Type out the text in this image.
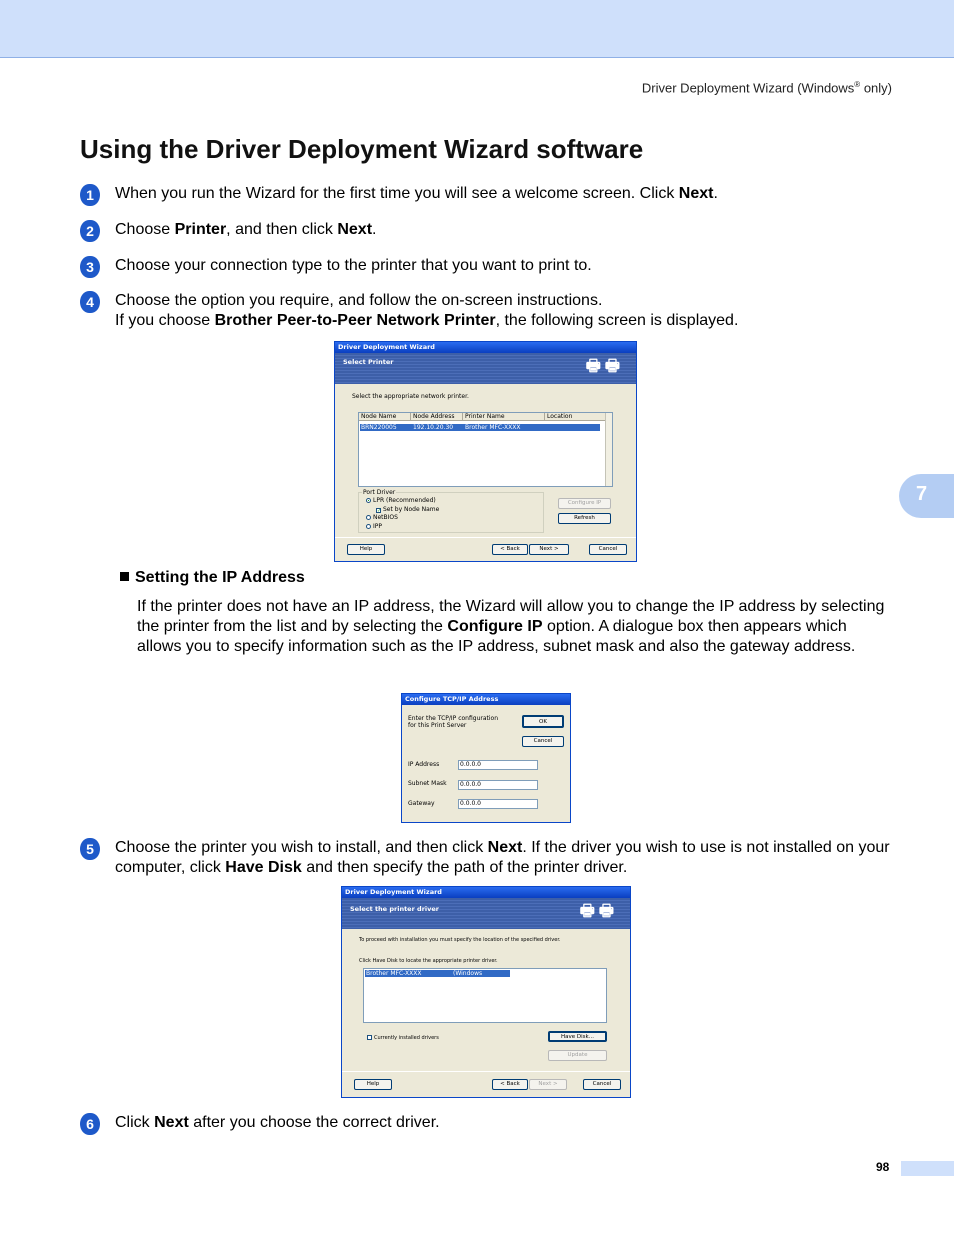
Driver Deployment Wizard (Windows® only)
7
Using the Driver Deployment Wizard software
1	When you run the Wizard for the first time you will see a welcome screen. Click Next.
2	Choose Printer, and then click Next.
3	Choose your connection type to the printer that you want to print to.
4	Choose the option you require, and follow the on-screen instructions.
If you choose Brother Peer-to-Peer Network Printer, the following screen is displayed.
Driver Deployment Wizard
Select Printer	🖶🖶
Select the appropriate network printer.
Node Name	Node Address	Printer Name	Location
BRN220005	192.10.20.30 Brother MFC-XXXX
Port Driver
LPR (Recommended)
✓ Set by Node Name
NetBIOS
IPP
Configure IP
Refresh
Help	< Back	Next >	Cancel
Setting the IP Address
If the printer does not have an IP address, the Wizard will allow you to change the IP address by selecting the printer from the list and by selecting the Configure IP option. A dialogue box then appears which allows you to specify information such as the IP address, subnet mask and also the gateway address.
Configure TCP/IP Address
Enter the TCP/IP configuration for this Print Server	OK
Cancel
IP Address	0.0.0.0
Subnet Mask	0.0.0.0
Gateway	0.0.0.0
5	Choose the printer you wish to install, and then click Next. If the driver you wish to use is not installed on your computer, click Have Disk and then specify the path of the printer driver.
Driver Deployment Wizard
Select the printer driver	🖶🖶
To proceed with installation you must specify the location of the specified driver.
Click Have Disk to locate the appropriate printer driver.
Brother MFC-XXXX	(Windows 2000/XP)
Currently installed drivers	Have Disk...
Update
Help	< Back	Next >	Cancel
6	Click Next after you choose the correct driver.
98
